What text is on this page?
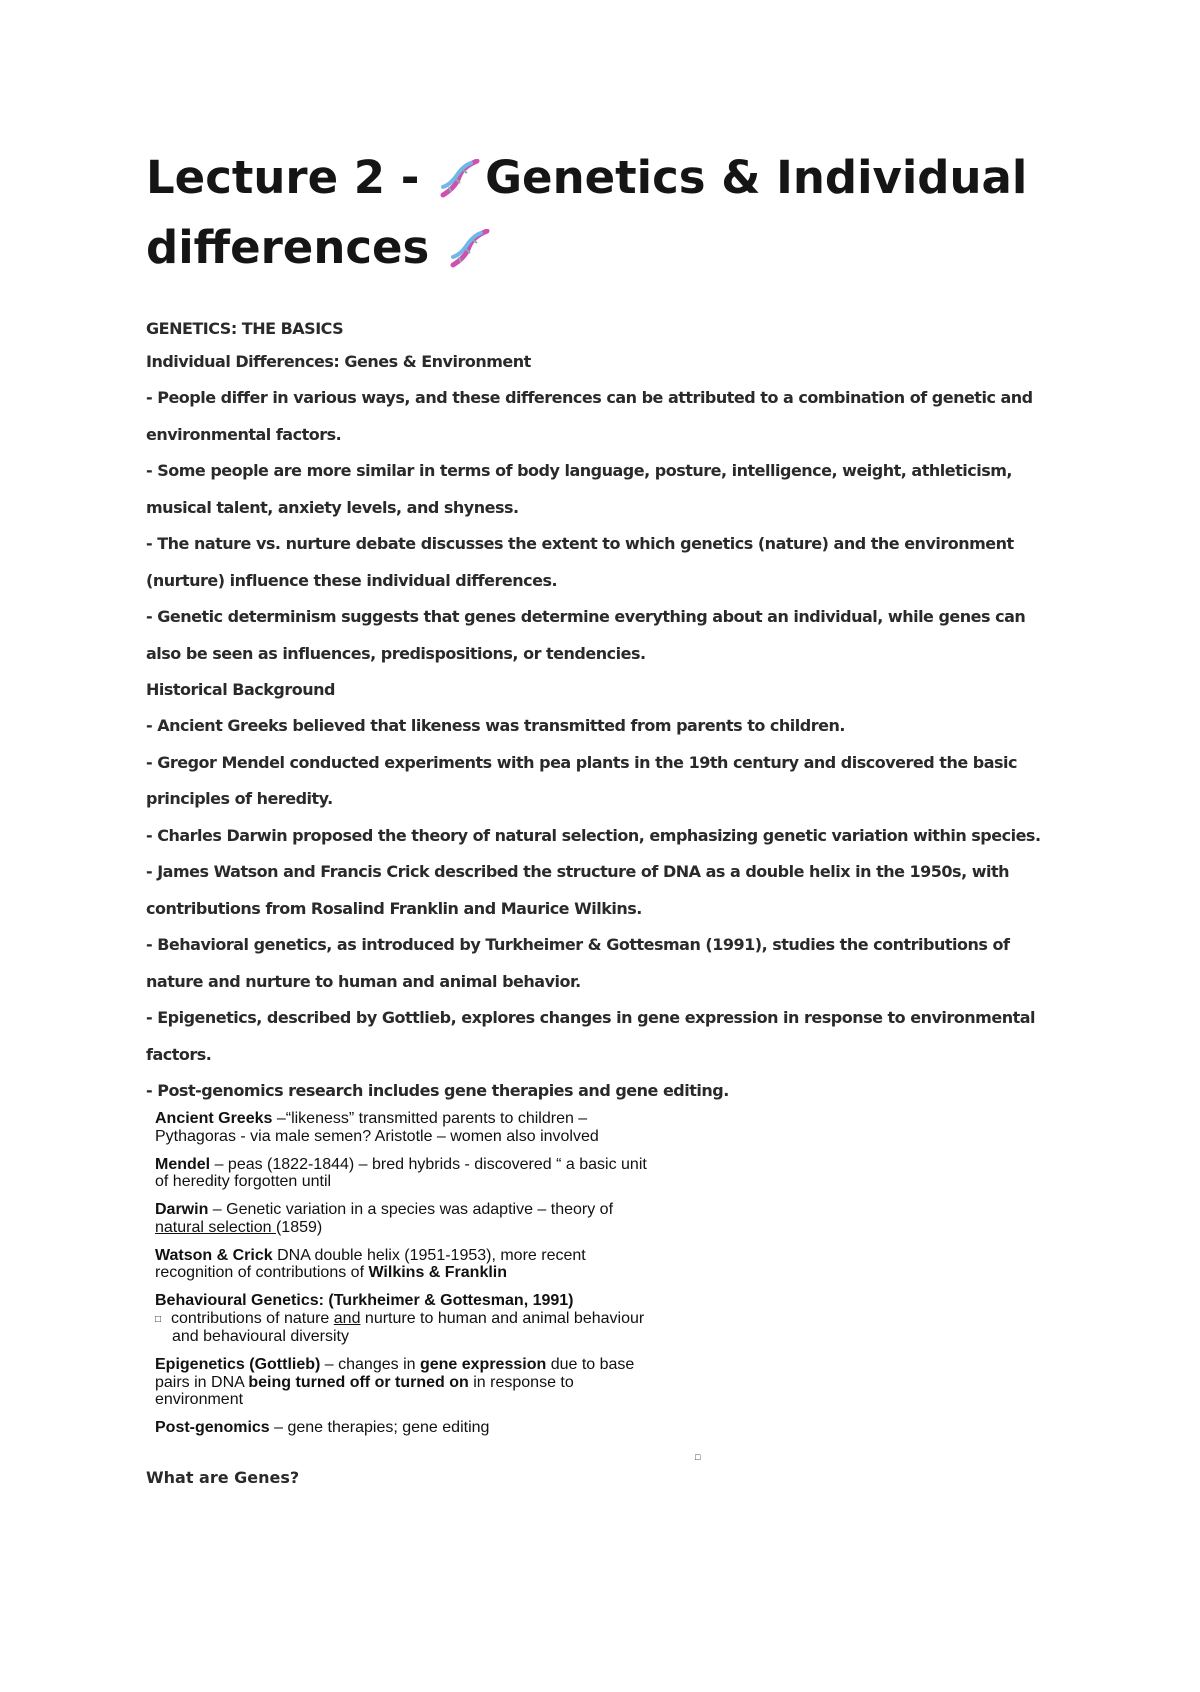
Lecture 2 - Genetics & Individual
differences
GENETICS: THE BASICS
Individual Differences: Genes & Environment
- People differ in various ways, and these differences can be attributed to a combination of genetic and environmental factors.
- Some people are more similar in terms of body language, posture, intelligence, weight, athleticism, musical talent, anxiety levels, and shyness.
- The nature vs. nurture debate discusses the extent to which genetics (nature) and the environment (nurture) influence these individual differences.
- Genetic determinism suggests that genes determine everything about an individual, while genes can also be seen as influences, predispositions, or tendencies.
Historical Background
- Ancient Greeks believed that likeness was transmitted from parents to children.
- Gregor Mendel conducted experiments with pea plants in the 19th century and discovered the basic principles of heredity.
- Charles Darwin proposed the theory of natural selection, emphasizing genetic variation within species.
- James Watson and Francis Crick described the structure of DNA as a double helix in the 1950s, with contributions from Rosalind Franklin and Maurice Wilkins.
- Behavioral genetics, as introduced by Turkheimer & Gottesman (1991), studies the contributions of nature and nurture to human and animal behavior.
- Epigenetics, described by Gottlieb, explores changes in gene expression in response to environmental factors.
- Post-genomics research includes gene therapies and gene editing.
Ancient Greeks –“likeness” transmitted parents to children –
Pythagoras - via male semen? Aristotle – women also involved
Mendel – peas (1822-1844) – bred hybrids - discovered “ a basic unit
of heredity forgotten until
Darwin – Genetic variation in a species was adaptive – theory of
natural selection (1859)
Watson & Crick DNA double helix (1951-1953), more recent
recognition of contributions of Wilkins & Franklin
Behavioural Genetics: (Turkheimer & Gottesman, 1991)
□ contributions of nature and nurture to human and animal behaviour
and behavioural diversity
Epigenetics (Gottlieb) – changes in gene expression due to base
pairs in DNA being turned off or turned on in response to
environment
Post-genomics – gene therapies; gene editing
□
What are Genes?
